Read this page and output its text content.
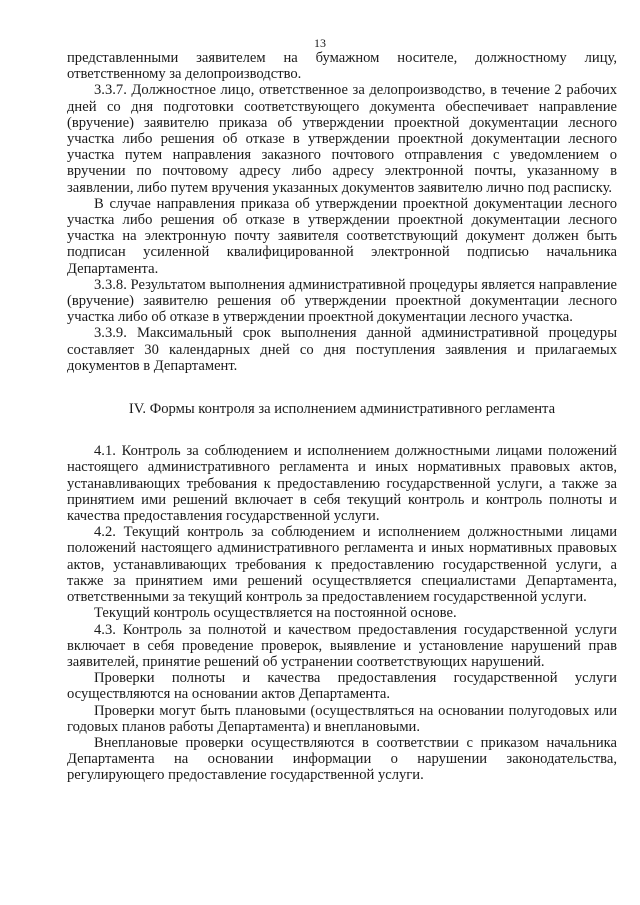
13

представленными заявителем на бумажном носителе, должностному лицу, ответственному за делопроизводство.

3.3.7. Должностное лицо, ответственное за делопроизводство, в течение 2 рабочих дней со дня подготовки соответствующего документа обеспечивает направление (вручение) заявителю приказа об утверждении проектной документации лесного участка либо решения об отказе в утверждении проектной документации лесного участка путем направления заказного почтового отправления с уведомлением о вручении по почтовому адресу либо адресу электронной почты, указанному в заявлении, либо путем вручения указанных документов заявителю лично под расписку.

В случае направления приказа об утверждении проектной документации лесного участка либо решения об отказе в утверждении проектной документации лесного участка на электронную почту заявителя соответствующий документ должен быть подписан усиленной квалифицированной электронной подписью начальника Департамента.

3.3.8. Результатом выполнения административной процедуры является направление (вручение) заявителю решения об утверждении проектной документации лесного участка либо об отказе в утверждении проектной документации лесного участка.

3.3.9. Максимальный срок выполнения данной административной процедуры составляет 30 календарных дней со дня поступления заявления и прилагаемых документов в Департамент.

IV. Формы контроля за исполнением административного регламента

4.1. Контроль за соблюдением и исполнением должностными лицами положений настоящего административного регламента и иных нормативных правовых актов, устанавливающих требования к предоставлению государственной услуги, а также за принятием ими решений включает в себя текущий контроль и контроль полноты и качества предоставления государственной услуги.

4.2. Текущий контроль за соблюдением и исполнением должностными лицами положений настоящего административного регламента и иных нормативных правовых актов, устанавливающих требования к предоставлению государственной услуги, а также за принятием ими решений осуществляется специалистами Департамента, ответственными за текущий контроль за предоставлением государственной услуги.

Текущий контроль осуществляется на постоянной основе.

4.3. Контроль за полнотой и качеством предоставления государственной услуги включает в себя проведение проверок, выявление и установление нарушений прав заявителей, принятие решений об устранении соответствующих нарушений.

Проверки полноты и качества предоставления государственной услуги осуществляются на основании актов Департамента.

Проверки могут быть плановыми (осуществляться на основании полугодовых или годовых планов работы Департамента) и внеплановыми.

Внеплановые проверки осуществляются в соответствии с приказом начальника Департамента на основании информации о нарушении законодательства, регулирующего предоставление государственной услуги.
